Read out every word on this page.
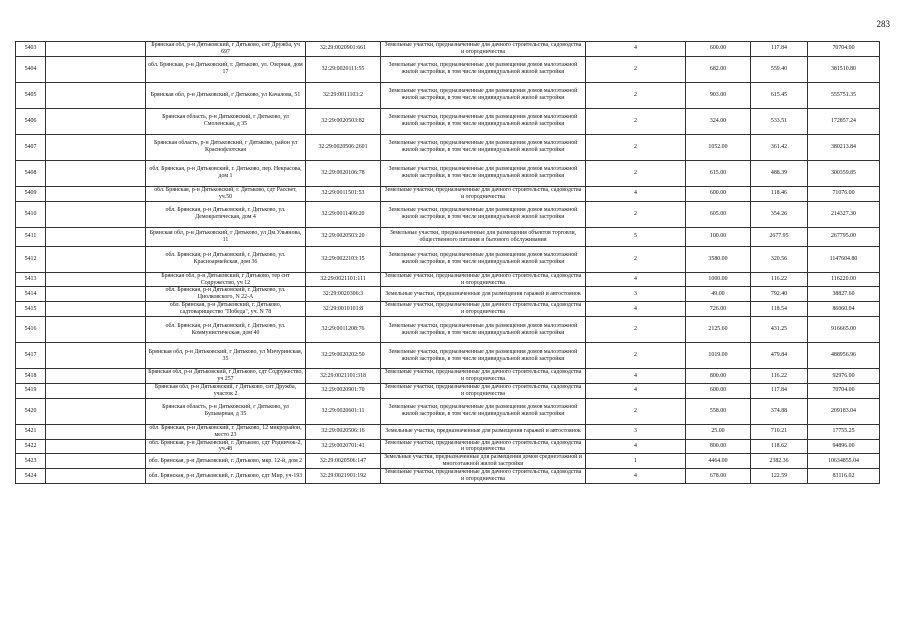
283
5403		Брянская обл, р-н Дятьковский, г Дятьково, снт Дружба, уч 697	32:29:0020901:661	Земельные участки, предназначенные для дачного строительства, садоводства и огородничества	4	600.00	117.84	70704.00
5404		обл. Брянская, р-н Дятьковский, г. Дятьково, ул. Озерная, дом 17	32:29:0020111:55	Земельные участки, предназначенные для размещения домов малоэтажной жилой застройки, в том числе индивидуальной жилой застройки	2	682.00	559.40	381510.80
5405		Брянская обл, р-н Дятьковский, г Дятьково, ул Качалова, 51	32:29:0011103:2	Земельные участки, предназначенные для размещения домов малоэтажной жилой застройки, в том числе индивидуальной жилой застройки	2	903.00	615.45	555751.35
5406		Брянская область, р-н Дятьковский, г Дятьково, ул Смоленская, д 35	32:29:0020503:82	Земельные участки, предназначенные для размещения домов малоэтажной жилой застройки, в том числе индивидуальной жилой застройки	2	324.00	533.51	172857.24
5407		Брянская область, р-н Дятьковский, г Дятьково, район ул Краснофлотская	32:29:0020506:2601	Земельные участки, предназначенные для размещения домов малоэтажной жилой застройки, в том числе индивидуальной жилой застройки	2	1052.00	361.42	380213.84
5408		обл. Брянская, р-н Дятьковский, г. Дятьково, пер. Некрасова, дом 1	32:29:0020106:78	Земельные участки, предназначенные для размещения домов малоэтажной жилой застройки, в том числе индивидуальной жилой застройки	2	615.00	488.39	300359.85
5409		обл. Брянская, р-н Дятьковский, г. Дятьково, сдт Рассвет, уч.50	32:29:0011501:53	Земельные участки, предназначенные для дачного строительства, садоводства и огородничества	4	600.00	118.46	71076.00
5410		обл. Брянская, р-н Дятьковский, г. Дятьково, ул. Демократическая, дом 4	32:29:0011409:20	Земельные участки, предназначенные для размещения домов малоэтажной жилой застройки, в том числе индивидуальной жилой застройки	2	605.00	354.26	214327.30
5411		Брянская обл, р-н Дятьковский, г Дятьково, ул Дм.Ульянова, 11	32:29:0020503:20	Земельные участки, предназначенные для размещения объектов торговли, общественного питания и бытового обслуживания	5	100.00	2677.95	267795.00
5412		обл. Брянская, р-н Дятьковский, г. Дятьково, ул. Красноармейская, дом 36	32:29:0022103:15	Земельные участки, предназначенные для размещения домов малоэтажной жилой застройки, в том числе индивидуальной жилой застройки	2	3580.00	320.56	1147604.80
5413		Брянская обл, р-н Дятьковский, г Дятьково, тер снт Содружество, уч 12	32:29:0021101:111	Земельные участки, предназначенные для дачного строительства, садоводства и огородничества	4	1000.00	116.22	116220.00
5414		обл. Брянская, р-н Дятьковский, г. Дятьково, ул. Циолковского, N 22-А	32:29:0020306:3	Земельные участки, предназначенные для размещения гаражей и автостоянок	3	49.00	792.40	38827.60
5415		обл. Брянская, р-н Дятьковский, г. Дятьково, садтоварищество "Победа", уч. N 78	32:29:0010101:8	Земельные участки, предназначенные для дачного строительства, садоводства и огородничества	4	726.00	118.54	86060.04
5416		обл. Брянская, р-н Дятьковский, г. Дятьково, ул. Коммунистическая, дом 40	32:29:0011208:76	Земельные участки, предназначенные для размещения домов малоэтажной жилой застройки, в том числе индивидуальной жилой застройки	2	2125.60	431.25	916665.00
5417		Брянская обл, р-н Дятьковский, г Дятьково, ул Мичуринская, 35	32:29:0020202:50	Земельные участки, предназначенные для размещения домов малоэтажной жилой застройки, в том числе индивидуальной жилой застройки	2	1019.00	479.84	488956.96
5418		Брянская обл, р-н Дятьковский, г Дятьково, сдт Содружество, уч 257	32:29:0021101:318	Земельные участки, предназначенные для дачного строительства, садоводства и огородничества	4	800.00	116.22	92976.00
5419		Брянская обл, р-н Дятьковский, г Дятьково, снт Дружба, участок 2	32:29:0020901:70	Земельные участки, предназначенные для дачного строительства, садоводства и огородничества	4	600.00	117.84	70704.00
5420		Брянская область, р-н Дятьковский, г Дятьково, ул Бульварная, д 35	32:29:0020601:11	Земельные участки, предназначенные для размещения домов малоэтажной жилой застройки, в том числе индивидуальной жилой застройки	2	558.00	374.88	209183.04
5421		обл. Брянская, р-н Дятьковский, г. Дятьково, 12 микрорайон, место 23	32:29:0020506:16	Земельные участки, предназначенные для размещения гаражей и автостоянок	3	25.00	710.21	17755.25
5422		обл. Брянская, р-н Дятьковский, г. Дятьково, сдт Родничок-2, уч.48	32:29:0020701:41	Земельные участки, предназначенные для дачного строительства, садоводства и огородничества	4	800.00	118.62	94896.00
5423		обл. Брянская, р-н Дятьковский, г. Дятьково, мкр. 12-й, дом 2	32:29:0020506:147	Земельные участки, предназначенные для размещения домов среднеэтажной и многоэтажной жилой застройки	1	4464.00	2382.36	10634855.04
5424		обл. Брянская, р-н Дятьковский, г. Дятьково, сдт Мир, уч-193	32:29:0021901:192	Земельные участки, предназначенные для дачного строительства, садоводства и огородничества	4	678.00	122.59	83116.02
